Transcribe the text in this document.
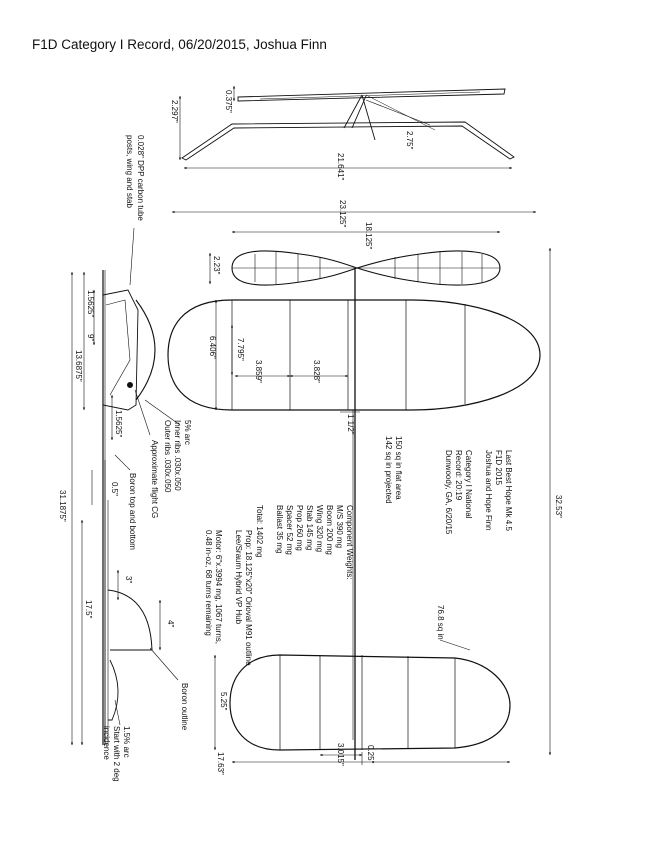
F1D Category I Record, 06/20/2015, Joshua Finn
0.375"
2.297"
21.641"
2.75"
0.028" DPP carbon tube posts, wing and stab
1.5625"
9"
13.6875"
1.5625"
0.5"
31.1875"
3"
17.5"
4"
5% arc Inner ribs .030x.050 Outer ribs .030x.050
Approximate flight CG
Boron top and bottom
Boron outline
1.5% arc Start with 2 deg incidence
23.125"
18.125"
2.23"
6.406" 7.795"
3.859"	3.828"
1 1/2"
32.53"
5.25"
17.63"	3.015"	0.25"
150 sq in flat area 142 sq in projected
76.8 sq in
Last Best Hope Mk 4.5 F1D 2015 Joshua and Hope Finn Category I National Record: 20:19 Dunwoody, GA, 6/20/15
Component Weights: M/S 390 mg Boom 200 mg Wing 320 mg Stab 145 mg Prop 260 mg Spacer 52 mg Ballast 35 mg Total: 1402 mg
Prop: 18.125"x20" Orioval M91 outline Lee/Sraum Hybrid VP Hub Motor: 6"x.3994 mg, 1067 turns, 0.48 in-oz, 68 turns remaining
